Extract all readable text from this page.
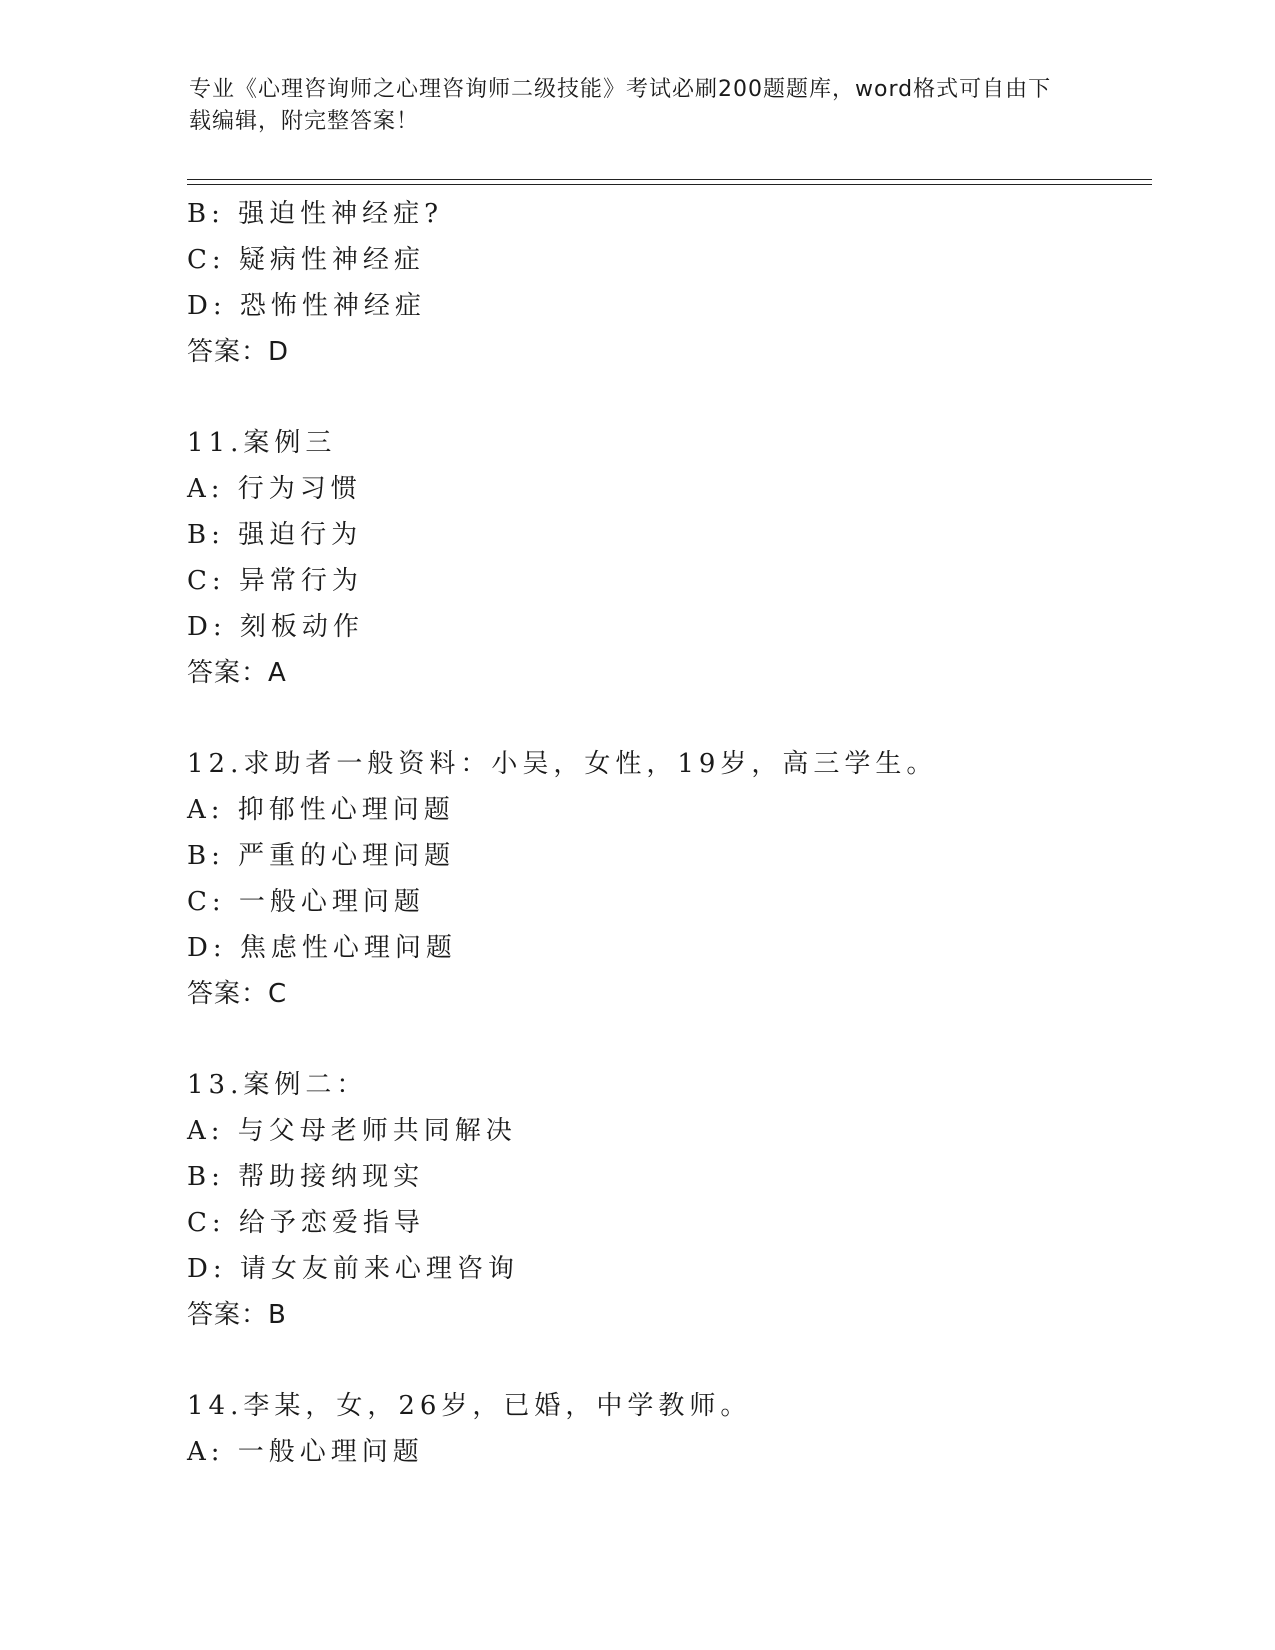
专业《心理咨询师之心理咨询师二级技能》考试必刷200题题库，word格式可自由下载编辑，附完整答案！
B: 强迫性神经症?
C: 疑病性神经症
D: 恐怖性神经症
答案：D
11.案例三
A: 行为习惯
B: 强迫行为
C: 异常行为
D: 刻板动作
答案：A
12.求助者一般资料：小吴，女性，19岁，高三学生。
A: 抑郁性心理问题
B: 严重的心理问题
C: 一般心理问题
D: 焦虑性心理问题
答案：C
13.案例二：
A: 与父母老师共同解决
B: 帮助接纳现实
C: 给予恋爱指导
D: 请女友前来心理咨询
答案：B
14.李某，女，26岁，已婚，中学教师。
A: 一般心理问题
